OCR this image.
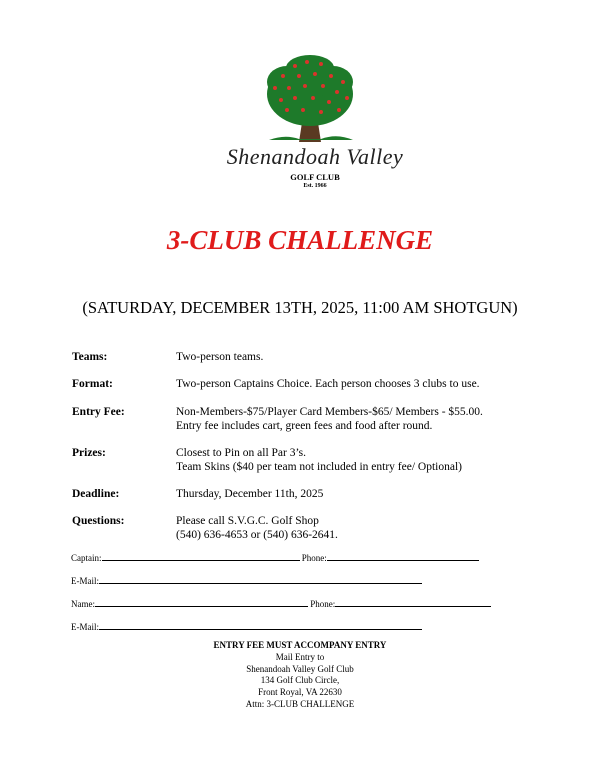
Shenandoah Valley
GOLF CLUB
Est. 1966
3-CLUB CHALLENGE
(SATURDAY, DECEMBER 13TH, 2025, 11:00 AM SHOTGUN)
Teams:	Two-person teams.
Format:	Two-person Captains Choice. Each person chooses 3 clubs to use.
Entry Fee:	Non-Members-$75/Player Card Members-$65/ Members - $55.00.
Entry fee includes cart, green fees and food after round.
Prizes:	Closest to Pin on all Par 3’s.
Team Skins ($40 per team not included in entry fee/ Optional)
Deadline:	Thursday, December 11th, 2025
Questions:	Please call S.V.G.C. Golf Shop
(540) 636-4653 or (540) 636-2641.
Captain:	Phone:
E-Mail:
Name:	Phone:
E-Mail:
ENTRY FEE MUST ACCOMPANY ENTRY
Mail Entry to
Shenandoah Valley Golf Club
134 Golf Club Circle,
Front Royal, VA 22630
Attn: 3-CLUB CHALLENGE
